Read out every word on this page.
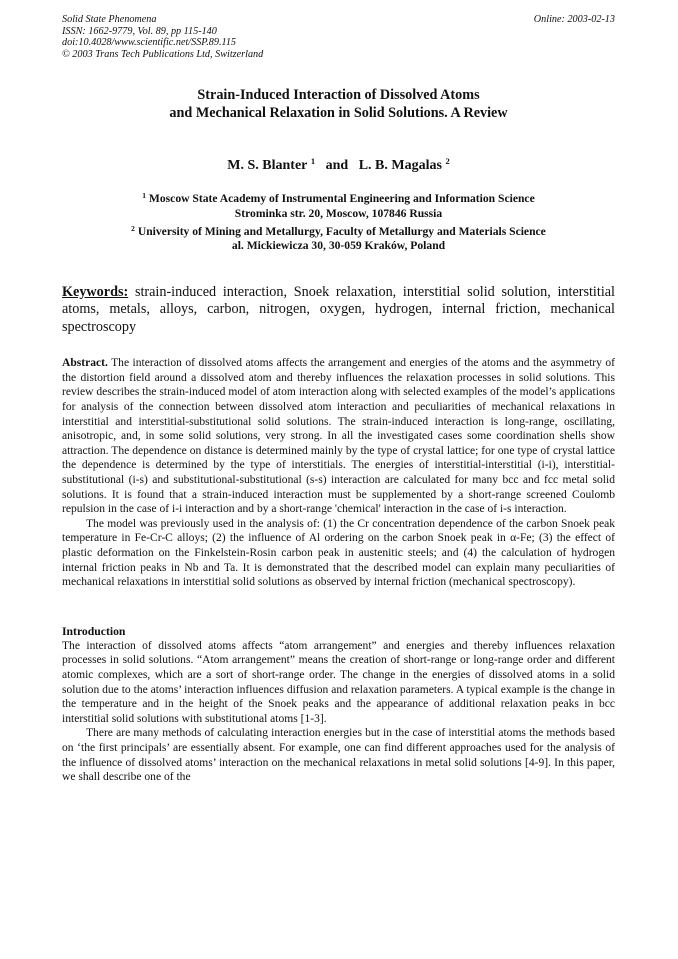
Solid State Phenomena	Online: 2003-02-13
ISSN: 1662-9779, Vol. 89, pp 115-140
doi:10.4028/www.scientific.net/SSP.89.115
© 2003 Trans Tech Publications Ltd, Switzerland
Strain-Induced Interaction of Dissolved Atoms
and Mechanical Relaxation in Solid Solutions. A Review
M. S. Blanter $^1$ and L. B. Magalas $^2$
$^1$ Moscow State Academy of Instrumental Engineering and Information Science
Strominka str. 20, Moscow, 107846 Russia
$^2$ University of Mining and Metallurgy, Faculty of Metallurgy and Materials Science
al. Mickiewicza 30, 30-059 Kraków, Poland
Keywords: strain-induced interaction, Snoek relaxation, interstitial solid solution, interstitial atoms, metals, alloys, carbon, nitrogen, oxygen, hydrogen, internal friction, mechanical spectroscopy
Abstract. The interaction of dissolved atoms affects the arrangement and energies of the atoms and the asymmetry of the distortion field around a dissolved atom and thereby influences the relaxation processes in solid solutions. This review describes the strain-induced model of atom interaction along with selected examples of the model’s applications for analysis of the connection between dissolved atom interaction and peculiarities of mechanical relaxations in interstitial and interstitial-substitutional solid solutions. The strain-induced interaction is long-range, oscillating, anisotropic, and, in some solid solutions, very strong. In all the investigated cases some coordination shells show attraction. The dependence on distance is determined mainly by the type of crystal lattice; for one type of crystal lattice the dependence is determined by the type of interstitials. The energies of interstitial-interstitial (i-i), interstitial-substitutional (i-s) and substitutional-substitutional (s-s) interaction are calculated for many bcc and fcc metal solid solutions. It is found that a strain-induced interaction must be supplemented by a short-range screened Coulomb repulsion in the case of i-i interaction and by a short-range 'chemical' interaction in the case of i-s interaction.
The model was previously used in the analysis of: (1) the Cr concentration dependence of the carbon Snoek peak temperature in Fe-Cr-C alloys; (2) the influence of Al ordering on the carbon Snoek peak in α-Fe; (3) the effect of plastic deformation on the Finkelstein-Rosin carbon peak in austenitic steels; and (4) the calculation of hydrogen internal friction peaks in Nb and Ta. It is demonstrated that the described model can explain many peculiarities of mechanical relaxations in interstitial solid solutions as observed by internal friction (mechanical spectroscopy).
Introduction
The interaction of dissolved atoms affects “atom arrangement” and energies and thereby influences relaxation processes in solid solutions. “Atom arrangement” means the creation of short-range or long-range order and different atomic complexes, which are a sort of short-range order. The change in the energies of dissolved atoms in a solid solution due to the atoms’ interaction influences diffusion and relaxation parameters. A typical example is the change in the temperature and in the height of the Snoek peaks and the appearance of additional relaxation peaks in bcc interstitial solid solutions with substitutional atoms [1-3].
There are many methods of calculating interaction energies but in the case of interstitial atoms the methods based on ‘the first principals’ are essentially absent. For example, one can find different approaches used for the analysis of the influence of dissolved atoms’ interaction on the mechanical relaxations in metal solid solutions [4-9]. In this paper, we shall describe one of the
